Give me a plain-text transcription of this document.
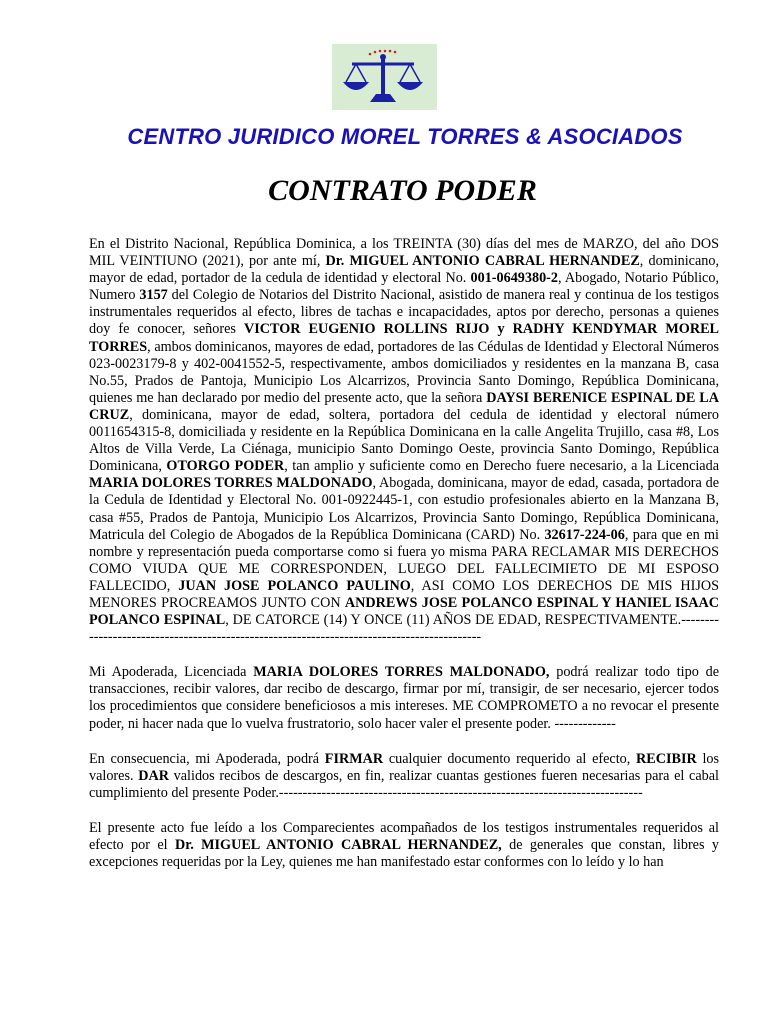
CENTRO JURIDICO MOREL TORRES & ASOCIADOS
CONTRATO PODER

En el Distrito Nacional, República Dominica, a los TREINTA (30) días del mes de MARZO, del año DOS MIL VEINTIUNO (2021), por ante mí, Dr. MIGUEL ANTONIO CABRAL HERNANDEZ, dominicano, mayor de edad, portador de la cedula de identidad y electoral No. 001-0649380-2, Abogado, Notario Público, Numero 3157 del Colegio de Notarios del Distrito Nacional, asistido de manera real y continua de los testigos instrumentales requeridos al efecto, libres de tachas e incapacidades, aptos por derecho, personas a quienes doy fe conocer, señores VICTOR EUGENIO ROLLINS RIJO y RADHY KENDYMAR MOREL TORRES, ambos dominicanos, mayores de edad, portadores de las Cédulas de Identidad y Electoral Números 023-0023179-8 y 402-0041552-5, respectivamente, ambos domiciliados y residentes en la manzana B, casa No.55, Prados de Pantoja, Municipio Los Alcarrizos, Provincia Santo Domingo, República Dominicana, quienes me han declarado por medio del presente acto, que la señora DAYSI BERENICE ESPINAL DE LA CRUZ, dominicana, mayor de edad, soltera, portadora del cedula de identidad y electoral número 0011654315-8, domiciliada y residente en la República Dominicana en la calle Angelita Trujillo, casa #8, Los Altos de Villa Verde, La Ciénaga, municipio Santo Domingo Oeste, provincia Santo Domingo, República Dominicana, OTORGO PODER, tan amplio y suficiente como en Derecho fuere necesario, a la Licenciada MARIA DOLORES TORRES MALDONADO, Abogada, dominicana, mayor de edad, casada, portadora de la Cedula de Identidad y Electoral No. 001-0922445-1, con estudio profesionales abierto en la Manzana B, casa #55, Prados de Pantoja, Municipio Los Alcarrizos, Provincia Santo Domingo, República Dominicana, Matricula del Colegio de Abogados de la República Dominicana (CARD) No. 32617-224-06, para que en mi nombre y representación pueda comportarse como si fuera yo misma PARA RECLAMAR MIS DERECHOS COMO VIUDA QUE ME CORRESPONDEN, LUEGO DEL FALLECIMIETO DE MI ESPOSO FALLECIDO, JUAN JOSE POLANCO PAULINO, ASI COMO LOS DERECHOS DE MIS HIJOS MENORES PROCREAMOS JUNTO CON ANDREWS JOSE POLANCO ESPINAL Y HANIEL ISAAC POLANCO ESPINAL, DE CATORCE (14) Y ONCE (11) AÑOS DE EDAD, RESPECTIVAMENTE.-------------------------------------------------------------------------------------------

Mi Apoderada, Licenciada MARIA DOLORES TORRES MALDONADO, podrá realizar todo tipo de transacciones, recibir valores, dar recibo de descargo, firmar por mí, transigir, de ser necesario, ejercer todos los procedimientos que considere beneficiosos a mis intereses. ME COMPROMETO a no revocar el presente poder, ni hacer nada que lo vuelva frustratorio, solo hacer valer el presente poder. -------------

En consecuencia, mi Apoderada, podrá FIRMAR cualquier documento requerido al efecto, RECIBIR los valores. DAR validos recibos de descargos, en fin, realizar cuantas gestiones fueren necesarias para el cabal cumplimiento del presente Poder.-----------------------------------------------------------------------------

El presente acto fue leído a los Comparecientes acompañados de los testigos instrumentales requeridos al efecto por el Dr. MIGUEL ANTONIO CABRAL HERNANDEZ, de generales que constan, libres y excepciones requeridas por la Ley, quienes me han manifestado estar conformes con lo leído y lo han
